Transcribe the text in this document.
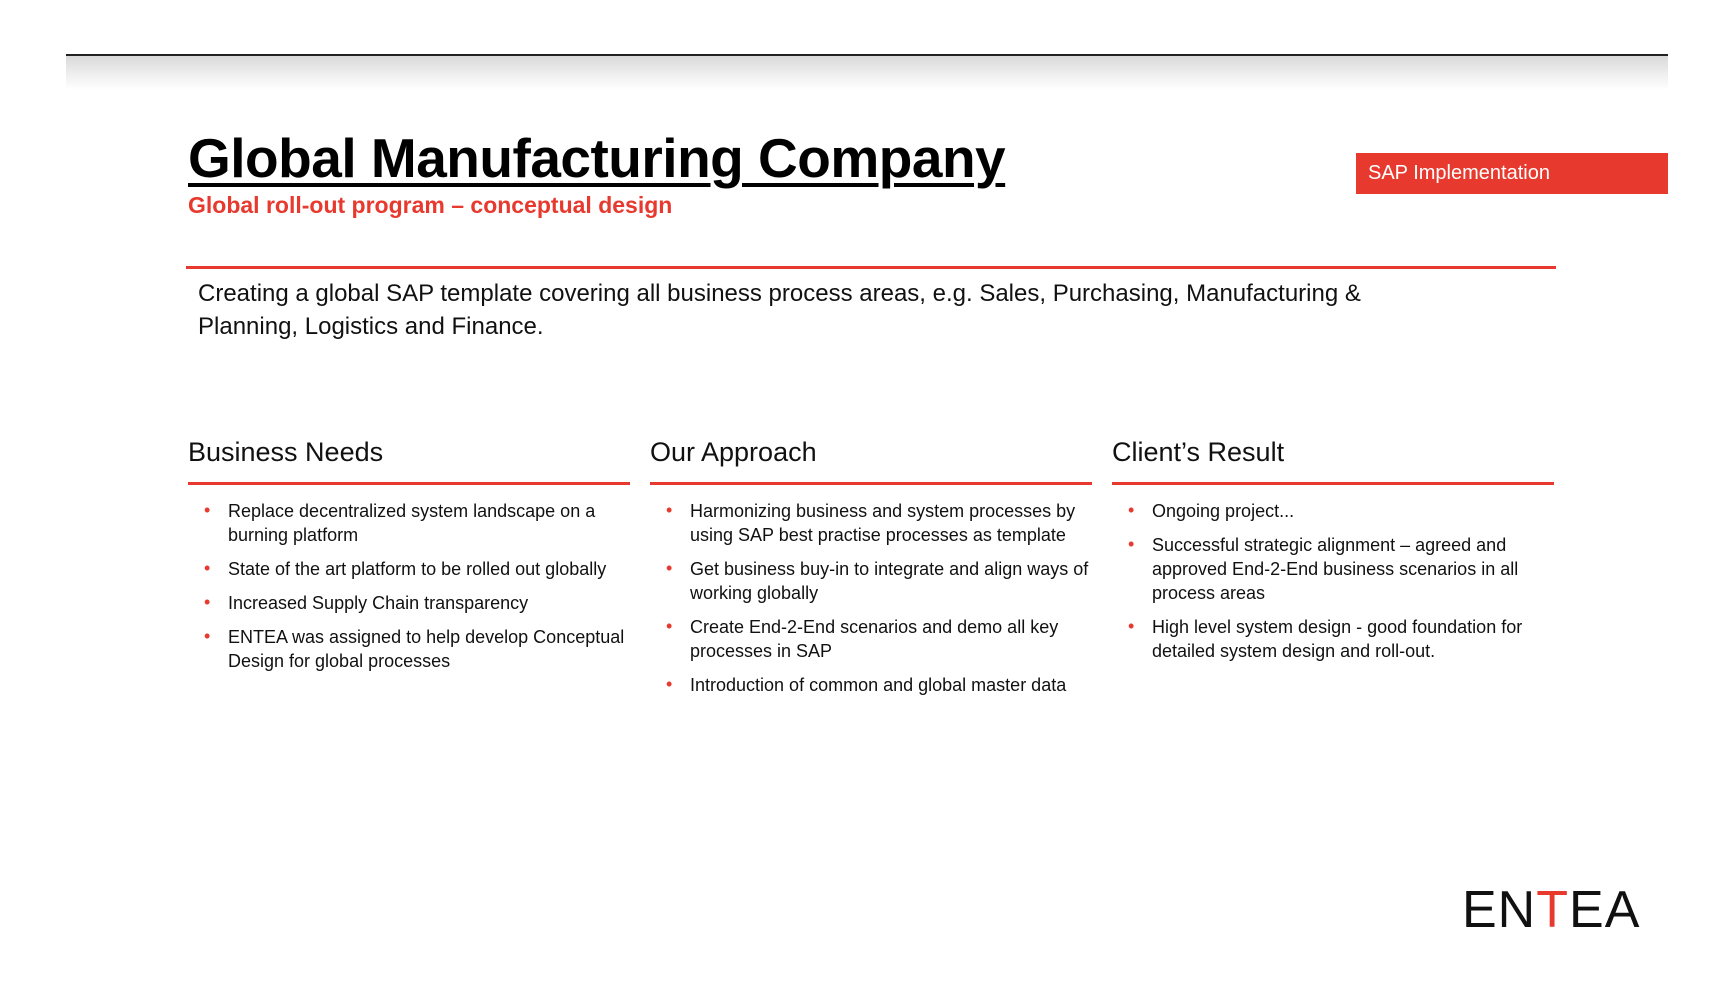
Global Manufacturing Company
Global roll-out program – conceptual design
SAP Implementation
Creating a global SAP template covering all business process areas, e.g. Sales, Purchasing, Manufacturing & Planning, Logistics and Finance.
Business Needs
• Replace decentralized system landscape on a burning platform
• State of the art platform to be rolled out globally
• Increased Supply Chain transparency
• ENTEA was assigned to help develop Conceptual Design for global processes
Our Approach
• Harmonizing business and system processes by using SAP best practise processes as template
• Get business buy-in to integrate and align ways of working globally
• Create End-2-End scenarios and demo all key processes in SAP
• Introduction of common and global master data
Client’s Result
• Ongoing project...
• Successful strategic alignment – agreed and approved End-2-End business scenarios in all process areas
• High level system design - good foundation for detailed system design and roll-out.
ENTEA
